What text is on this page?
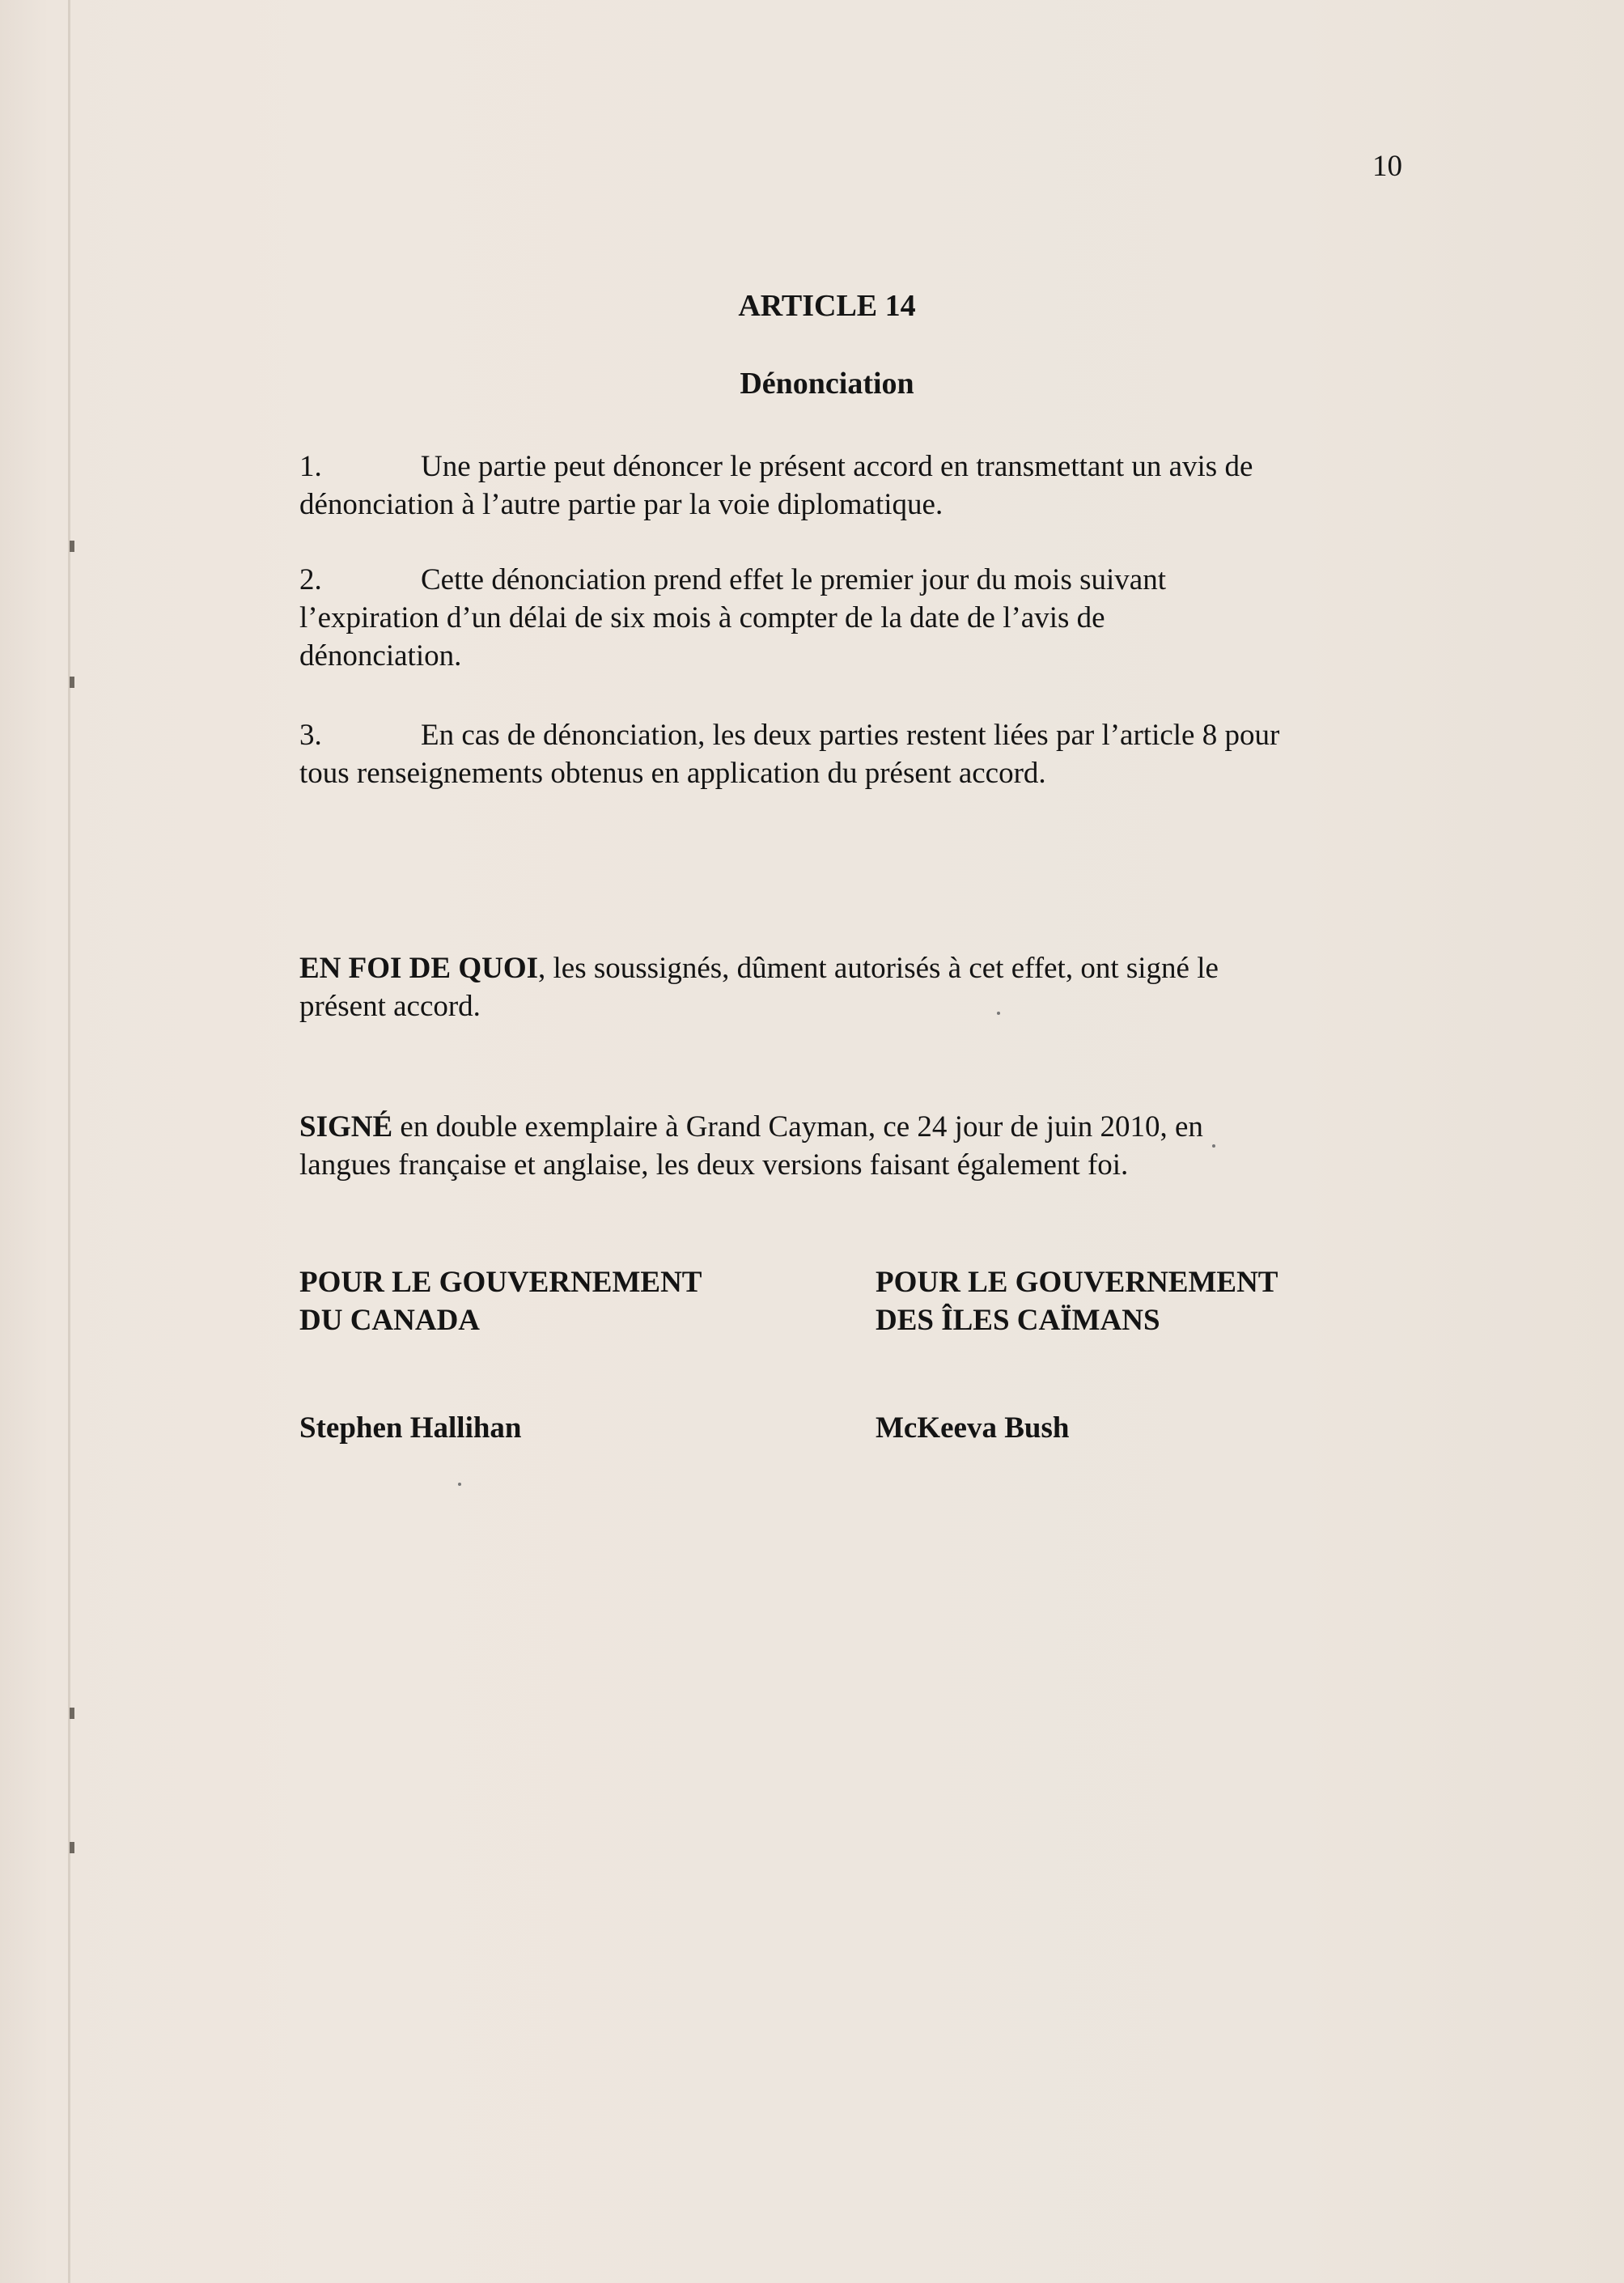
10
ARTICLE 14
Dénonciation
1.	Une partie peut dénoncer le présent accord en transmettant un avis de
dénonciation à l’autre partie par la voie diplomatique.
2.	Cette dénonciation prend effet le premier jour du mois suivant
l’expiration d’un délai de six mois à compter de la date de l’avis de
dénonciation.
3.	En cas de dénonciation, les deux parties restent liées par l’article 8 pour
tous renseignements obtenus en application du présent accord.
EN FOI DE QUOI, les soussignés, dûment autorisés à cet effet, ont signé le
présent accord.
SIGNÉ en double exemplaire à Grand Cayman, ce 24 jour de juin 2010, en
langues française et anglaise, les deux versions faisant également foi.
POUR LE GOUVERNEMENT
DU CANADA
Stephen Hallihan
POUR LE GOUVERNEMENT
DES ÎLES CAÏMANS
McKeeva Bush
